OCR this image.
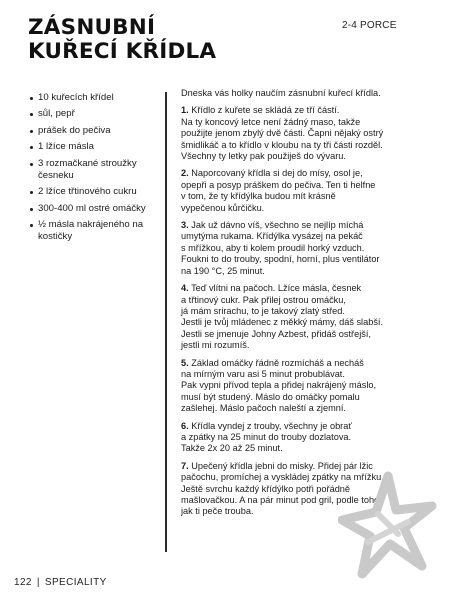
ZÁSNUBNÍ
KUŘECÍ KŘÍDLA
2-4 PORCE
10 kuřecích křídel
sůl, pepř
prášek do pečiva
1 lžíce másla
3 rozmačkané stroužky česneku
2 lžíce třtinového cukru
300-400 ml ostré omáčky
½ másla nakrájeného na kostičky

Dneska vás holky naučím zásnubní kuřecí křídla.

1. Křídlo z kuřete se skládá ze tří částí.
Na ty koncový letce není žádný maso, takže
použijte jenom zbylý dvě části. Čapni nějaký ostrý
šmidlikáč a to křídlo v kloubu na ty tři části rozděl.
Všechny ty letky pak použiješ do vývaru.
2. Naporcovaný křídla si dej do mísy, osol je,
opepři a posyp práškem do pečiva. Ten ti helfne
v tom, že ty křídýlka budou mít krásně
vypečenou kůrčičku.
3. Jak už dávno víš, všechno se nejlíp míchá
umytýma rukama. Křídýlka vysázej na pekáč
s mřížkou, aby ti kolem proudil horký vzduch.
Foukni to do trouby, spodní, horní, plus ventilátor
na 190 °C, 25 minut.
4. Teď vlítni na pačoch. Lžíce másla, česnek
a třtinový cukr. Pak přilej ostrou omáčku,
já mám srirachu, to je takový zlatý střed.
Jestli je tvůj mládenec z měkký mámy, dáš slabší.
Jestli se jmenuje Johny Azbest, přidáš ostřejší,
jestli mi rozumíš.
5. Základ omáčky řádně rozmícháš a necháš
na mírným varu asi 5 minut probublávat.
Pak vypni přívod tepla a přidej nakrájený máslo,
musí být studený. Máslo do omáčky pomalu
zašlehej. Máslo pačoch naleští a zjemní.
6. Křídla vyndej z trouby, všechny je obrať
a zpátky na 25 minut do trouby dozlatova.
Takže 2x 20 až 25 minut.
7. Upečený křídla jebni do misky. Přidej pár lžic
pačochu, promíchej a vyskládej zpátky na mřížku.
Ještě svrchu každý křídýlko potři pořádně
mašlovačkou. A na pár minut pod gril, podle toho,
jak ti peče trouba.
122 | SPECIALITY
